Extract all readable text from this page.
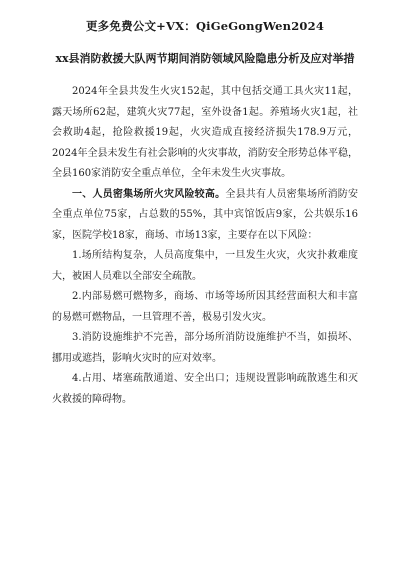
更多免费公文+VX：QiGeGongWen2024
xx县消防救援大队两节期间消防领域风险隐患分析及应对举措

2024年全县共发生火灾152起，其中包括交通工具火灾11起，露天场所62起，建筑火灾77起，室外设备1起。养殖场火灾1起，社会救助4起，抢险救援19起，火灾造成直接经济损失178.9万元，2024年全县未发生有社会影响的火灾事故，消防安全形势总体平稳，全县160家消防安全重点单位，全年未发生火灾事故。

一、人员密集场所火灾风险较高。全县共有人员密集场所消防安全重点单位75家，占总数的55%，其中宾馆饭店9家，公共娱乐16家，医院学校18家，商场、市场13家，主要存在以下风险：

1.场所结构复杂，人员高度集中，一旦发生火灾，火灾扑救难度大，被困人员难以全部安全疏散。

2.内部易燃可燃物多，商场、市场等场所因其经营面积大和丰富的易燃可燃物品，一旦管理不善，极易引发火灾。

3.消防设施维护不完善，部分场所消防设施维护不当，如损坏、挪用或遮挡，影响火灾时的应对效率。

4.占用、堵塞疏散通道、安全出口；违规设置影响疏散逃生和灭火救援的障碍物。
